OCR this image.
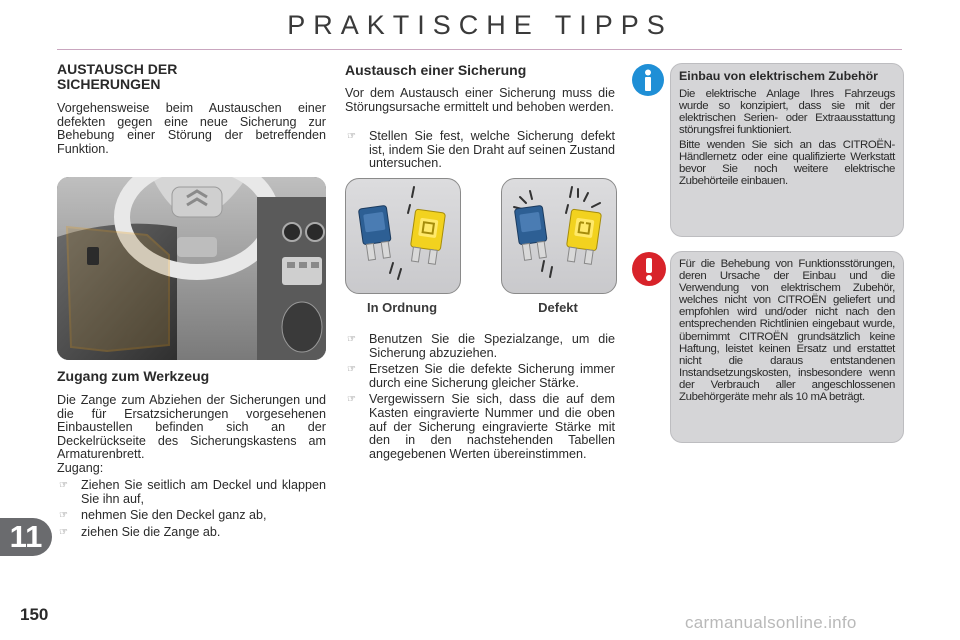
PRAKTISCHE TIPPS
AUSTAUSCH DER
SICHERUNGEN
Vorgehensweise beim Austauschen einer defekten gegen eine neue Sicherung zur Behebung einer Störung der betreffenden Funktion.
Zugang zum Werkzeug
Die Zange zum Abziehen der Sicherungen und die für Ersatzsicherungen vorgesehenen Einbaustellen befinden sich an der Deckelrückseite des Sicherungskastens am Armaturenbrett.
Zugang:
☞ Ziehen Sie seitlich am Deckel und klappen Sie ihn auf,
☞ nehmen Sie den Deckel ganz ab,
☞ ziehen Sie die Zange ab.
Austausch einer Sicherung
Vor dem Austausch einer Sicherung muss die Störungsursache ermittelt und behoben werden.
☞ Stellen Sie fest, welche Sicherung defekt ist, indem Sie den Draht auf seinen Zustand untersuchen.
In Ordnung	Defekt
☞ Benutzen Sie die Spezialzange, um die Sicherung abzuziehen.
☞ Ersetzen Sie die defekte Sicherung immer durch eine Sicherung gleicher Stärke.
☞ Vergewissern Sie sich, dass die auf dem Kasten eingravierte Nummer und die oben auf der Sicherung eingravierte Stärke mit den in den nachstehenden Tabellen angegebenen Werten übereinstimmen.
Einbau von elektrischem Zubehör
Die elektrische Anlage Ihres Fahrzeugs wurde so konzipiert, dass sie mit der elektrischen Serien- oder Extraausstattung störungsfrei funktioniert.
Bitte wenden Sie sich an das CITROËN-Händlernetz oder eine qualifizierte Werkstatt bevor Sie noch weitere elektrische Zubehörteile einbauen.
Für die Behebung von Funktionsstörungen, deren Ursache der Einbau und die Verwendung von elektrischem Zubehör, welches nicht von CITROËN geliefert und empfohlen wird und/oder nicht nach den entsprechenden Richtlinien eingebaut wurde, übernimmt CITROËN grundsätzlich keine Haftung, leistet keinen Ersatz und erstattet nicht die daraus entstandenen Instandsetzungskosten, insbesondere wenn der Verbrauch aller angeschlossenen Zubehörgeräte mehr als 10 mA beträgt.
11
150	carmanualsonline.info
